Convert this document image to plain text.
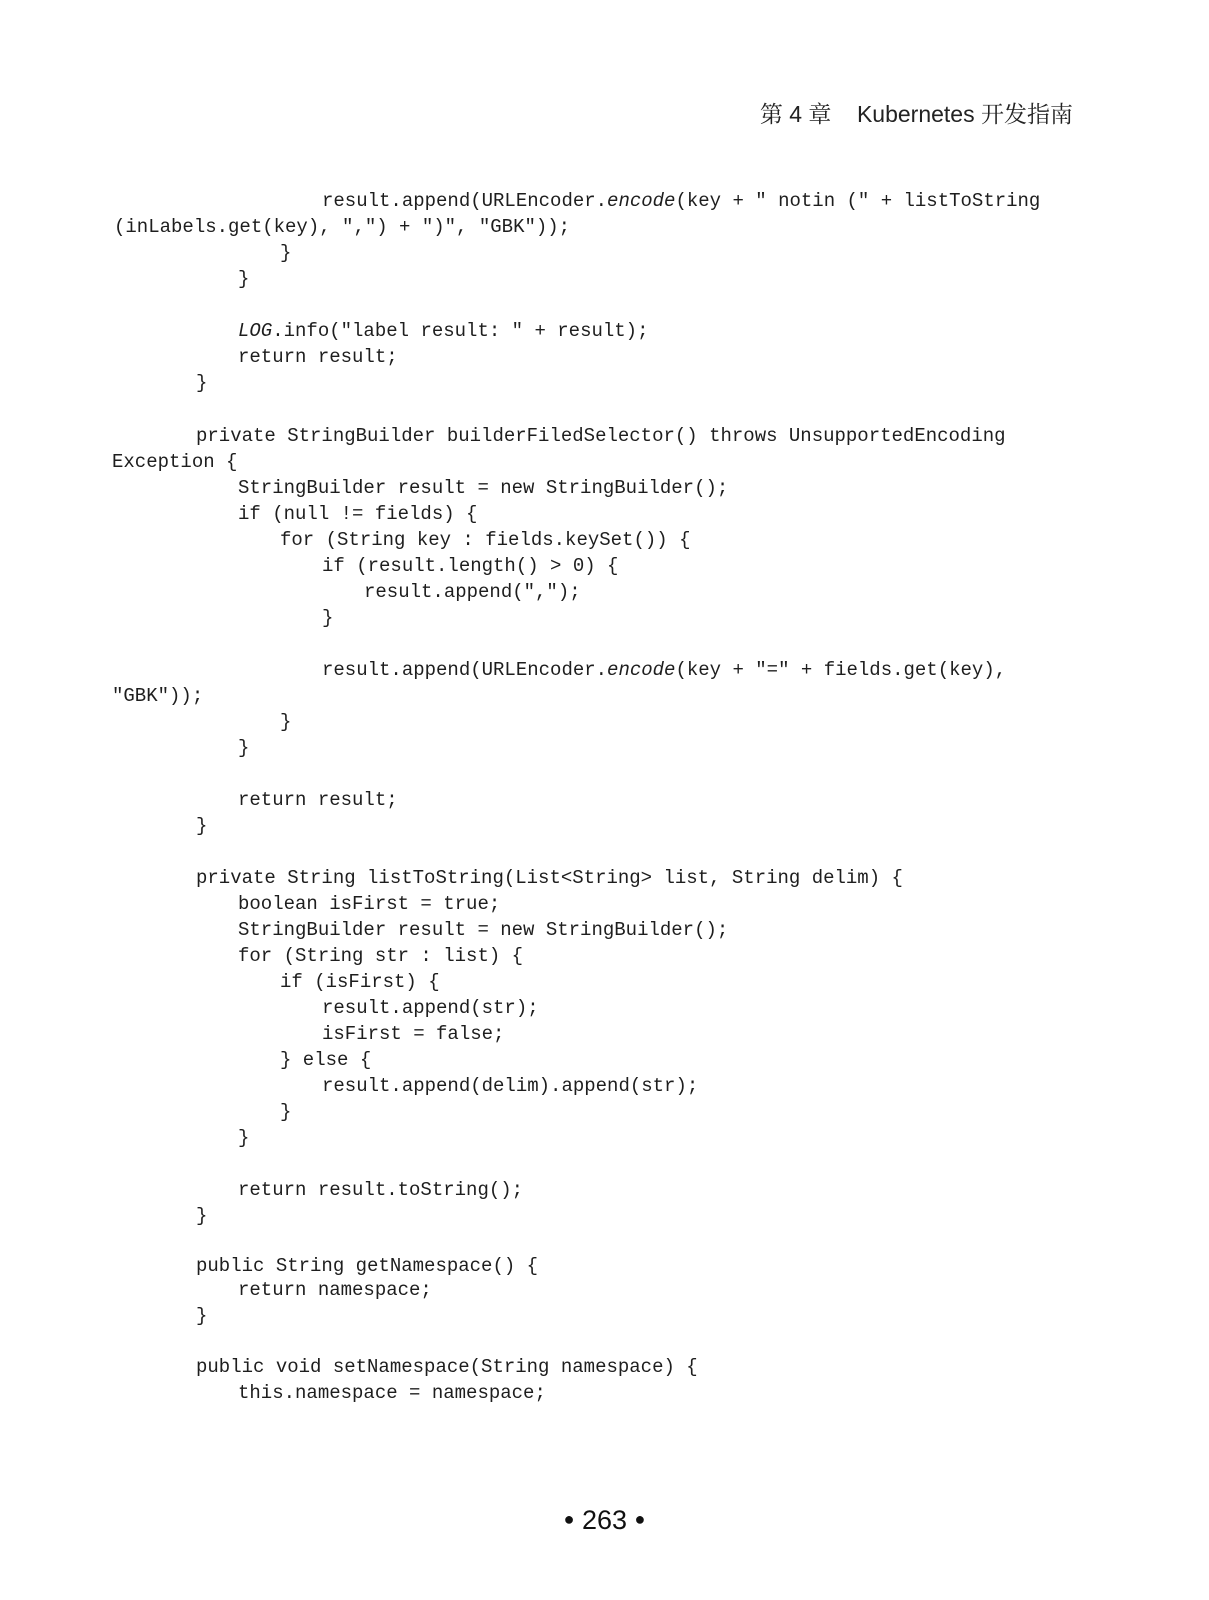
第 4 章    Kubernetes 开发指南
result.append(URLEncoder.encode(key + " notin (" + listToString
(inLabels.get(key), ",") + ")", "GBK"));
}
}
LOG.info("label result: " + result);
return result;
}
private StringBuilder builderFiledSelector() throws UnsupportedEncoding
Exception {
StringBuilder result = new StringBuilder();
if (null != fields) {
for (String key : fields.keySet()) {
if (result.length() > 0) {
result.append(",");
}
result.append(URLEncoder.encode(key + "=" + fields.get(key),
"GBK"));
}
}
return result;
}
private String listToString(List<String> list, String delim) {
boolean isFirst = true;
StringBuilder result = new StringBuilder();
for (String str : list) {
if (isFirst) {
result.append(str);
isFirst = false;
} else {
result.append(delim).append(str);
}
}
return result.toString();
}
public String getNamespace() {
return namespace;
}
public void setNamespace(String namespace) {
this.namespace = namespace;
● 263 ●
